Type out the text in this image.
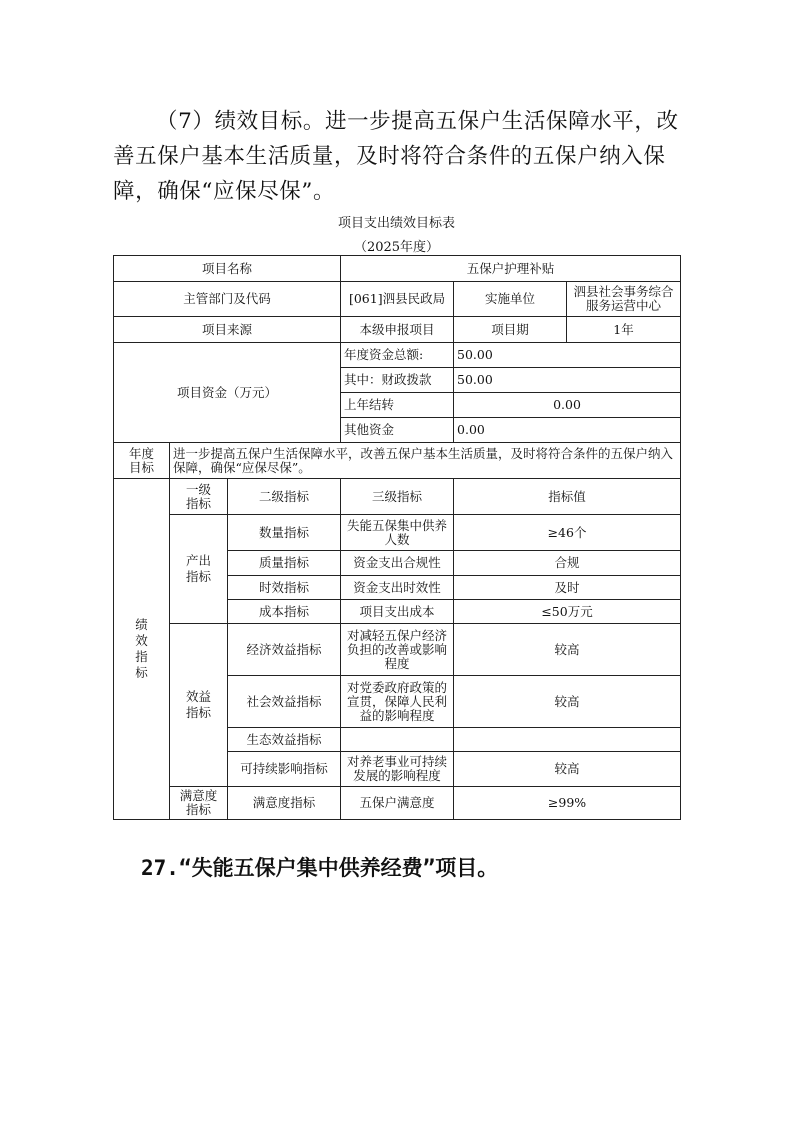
（7）绩效目标。进一步提高五保户生活保障水平，改善五保户基本生活质量，及时将符合条件的五保户纳入保障，确保“应保尽保”。

项目支出绩效目标表
（2025年度）
项目名称			五保户护理补贴		
主管部门及代码			[061]泗县民政局	实施单位	泗县社会事务综合服务运营中心
项目来源			本级申报项目	项目期	1年
项目资金（万元）			年度资金总额:	50.00	
			其中：财政拨款	50.00	
			上年结转	0.00	
			其他资金	0.00	
年度目标	进一步提高五保户生活保障水平，改善五保户基本生活质量，及时将符合条件的五保户纳入保障，确保“应保尽保”。				
绩效指标	一级指标	二级指标	三级指标	指标值	
	产出指标	数量指标	失能五保集中供养人数	≥46个	
		质量指标	资金支出合规性	合规	
		时效指标	资金支出时效性	及时	
		成本指标	项目支出成本	≤50万元	
	效益指标	经济效益指标	对减轻五保户经济负担的改善或影响程度	较高	
		社会效益指标	对党委政府政策的宣贯，保障人民利益的影响程度	较高	
		生态效益指标			
		可持续影响指标	对养老事业可持续发展的影响程度	较高	
	满意度指标	满意度指标	五保户满意度	≥99%	
27.“失能五保户集中供养经费”项目。
